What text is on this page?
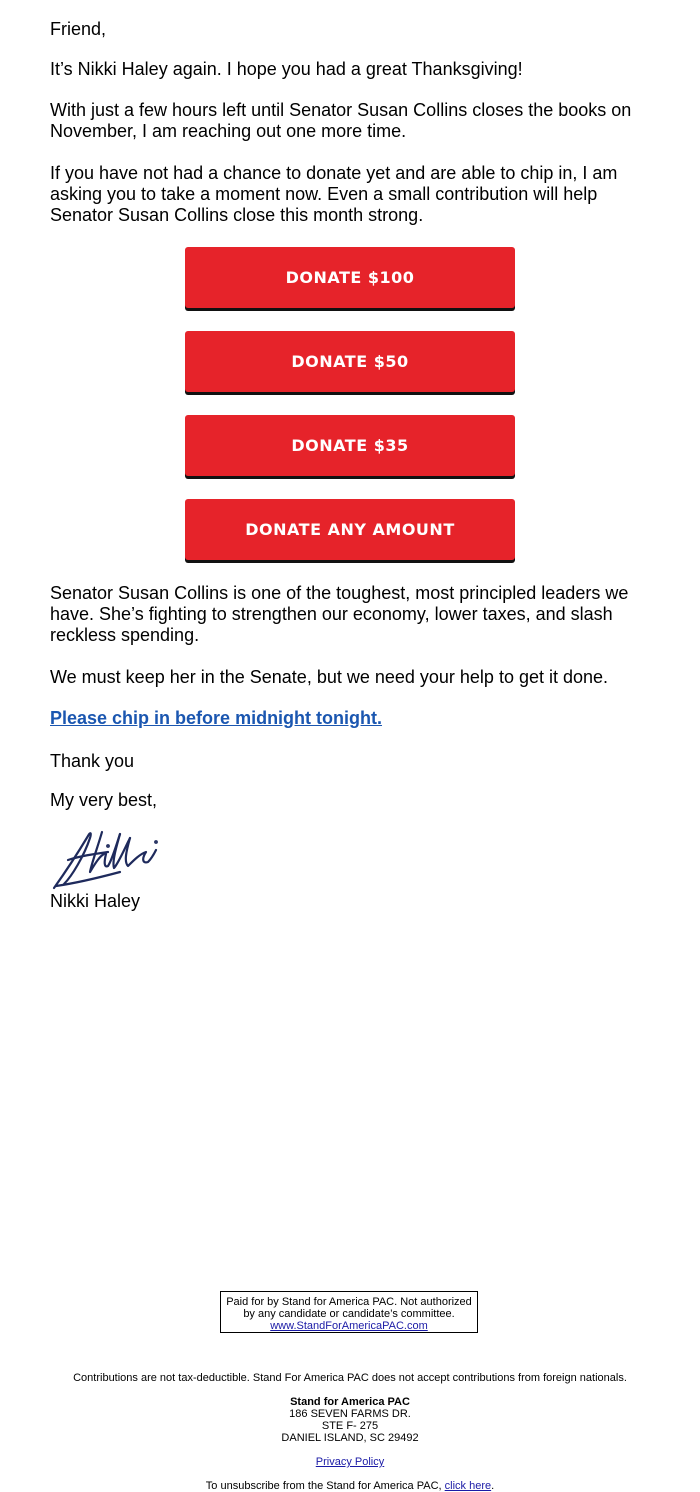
Friend,

It’s Nikki Haley again. I hope you had a great Thanksgiving!

With just a few hours left until Senator Susan Collins closes the books on November, I am reaching out one more time.

If you have not had a chance to donate yet and are able to chip in, I am asking you to take a moment now. Even a small contribution will help Senator Susan Collins close this month strong.

DONATE $100
DONATE $50
DONATE $35
DONATE ANY AMOUNT

Senator Susan Collins is one of the toughest, most principled leaders we have. She’s fighting to strengthen our economy, lower taxes, and slash reckless spending.

We must keep her in the Senate, but we need your help to get it done.

Please chip in before midnight tonight.

Thank you

My very best,

Nikki Haley

Paid for by Stand for America PAC. Not authorized
by any candidate or candidate’s committee.
www.StandForAmericaPAC.com
Contributions are not tax-deductible. Stand For America PAC does not accept contributions from foreign nationals.
Stand for America PAC
186 SEVEN FARMS DR.
STE F- 275
DANIEL ISLAND, SC 29492
Privacy Policy
To unsubscribe from the Stand for America PAC, click here.
